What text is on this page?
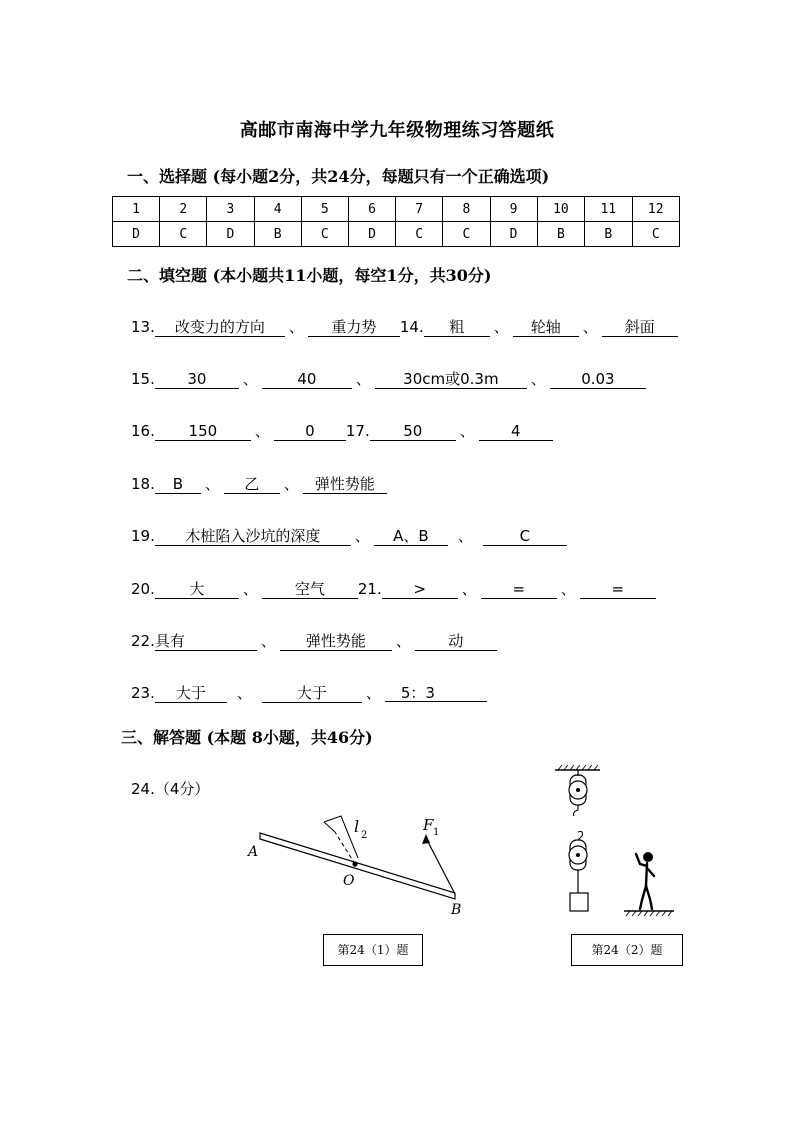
高邮市南海中学九年级物理练习答题纸
一、选择题 (每小题2分，共24分，每题只有一个正确选项)
1	2	3	4	5	6	7	8	9	10	11	12
D	C	D	B	C	D	C	C	D	B	B	C
二、填空题 (本小题共11小题，每空1分，共30分)
13. 改变力的方向 、 重力势 14. 粗 、 轮轴 、 斜面
15. 30 、	40	、 30cm或0.3m 、 0.03
16. 150	、 0 17. 50 、 4
18. B 、 乙 、 弹性势能
19. 木桩陷入沙坑的深度 、 A、B 、	C
20. 大	、 空气 21. > 、 = 、 =
22.具有	、 弹性势能 、 动
23. 大于 、	大于	、 5：3
三、解答题 (本题 8小题，共46分)
24.（4分）
A
O
B
l 2
F 1
第24（1）题	第24（2）题
